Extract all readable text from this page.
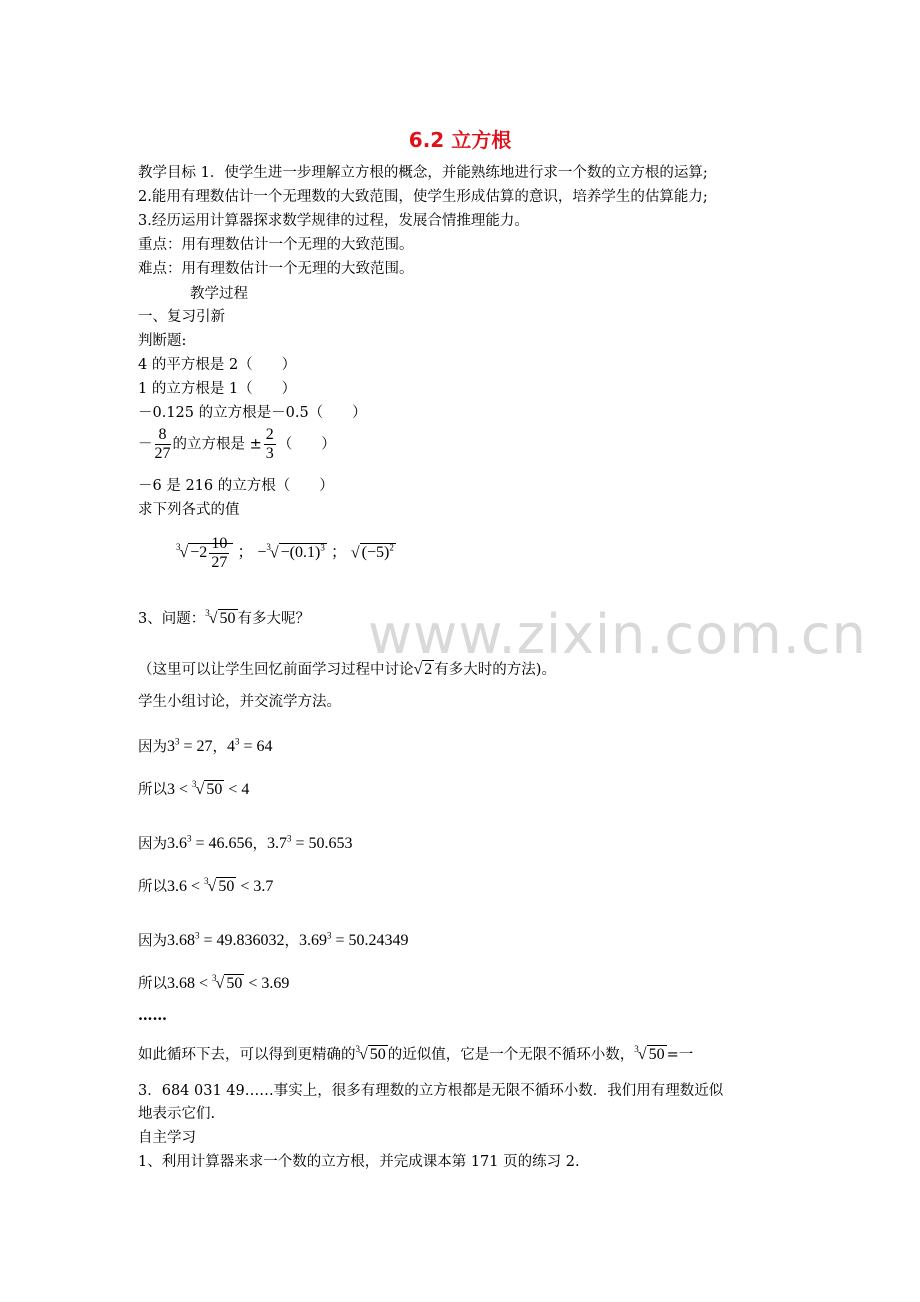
6.2 立方根
教学目标 1．使学生进一步理解立方根的概念，并能熟练地进行求一个数的立方根的运算;
2.能用有理数估计一个无理数的大致范围，使学生形成估算的意识，培养学生的估算能力;
3.经历运用计算器探求数学规律的过程，发展合情推理能力。
重点：用有理数估计一个无理的大致范围。
难点：用有理数估计一个无理的大致范围。
教学过程
一、复习引新
判断题:
4 的平方根是 2（　　）
1 的立方根是 1（　　）
－0.125 的立方根是－0.5（　　）
－ $\frac{8}{27}$ 的立方根是 ± $\frac{2}{3}$ （　　）
－6 是 216 的立方根（　　）
求下列各式的值
$^3√ -2 \frac{10}{27}$ ； $-^3√ -(0.1)^3$ ； √ $(-5)^2$
3、问题：$^3$√ 50 有多大呢？ www.zixin.com.cn
（这里可以让学生回忆前面学习过程中讨论√ 2 有多大时的方法)。
学生小组讨论，并交流学方法。
因为$3^3 = 27$，$4^3 = 64$
所以3 < $^3$√ 50 < 4
因为$3.6^3 = 46.656$，$3.7^3 = 50.653$
所以3.6 < $^3$√ 50 < 3.7
因为$3.68^3 = 49.836032$，$3.69^3 = 50.24349$
所以3.68 < $^3$√ 50 < 3.69
……
如此循环下去，可以得到更精确的$^3$√ 50 的近似值，它是一个无限不循环小数，$^3$√ 50 =一
3．684 031 49……事实上，很多有理数的立方根都是无限不循环小数．我们用有理数近似
地表示它们.
自主学习
1、利用计算器来求一个数的立方根，并完成课本第 171 页的练习 2.
